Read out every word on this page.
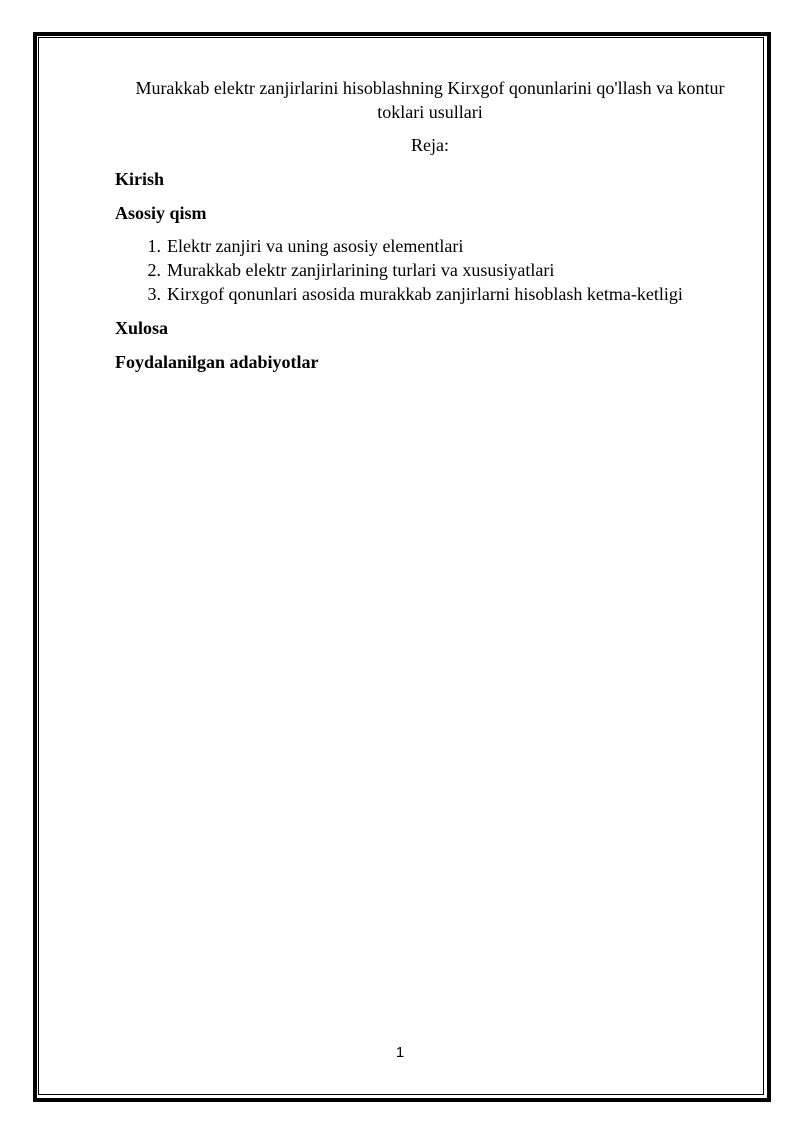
Murakkab elektr zanjirlarini hisoblashning Kirxgof qonunlarini qo'llash va kontur toklari usullari
Reja:
Kirish
Asosiy qism
1. Elektr zanjiri va uning asosiy elementlari
2. Murakkab elektr zanjirlarining turlari va xususiyatlari
3. Kirxgof qonunlari asosida murakkab zanjirlarni hisoblash ketma-ketligi
Xulosa
Foydalanilgan adabiyotlar
1
